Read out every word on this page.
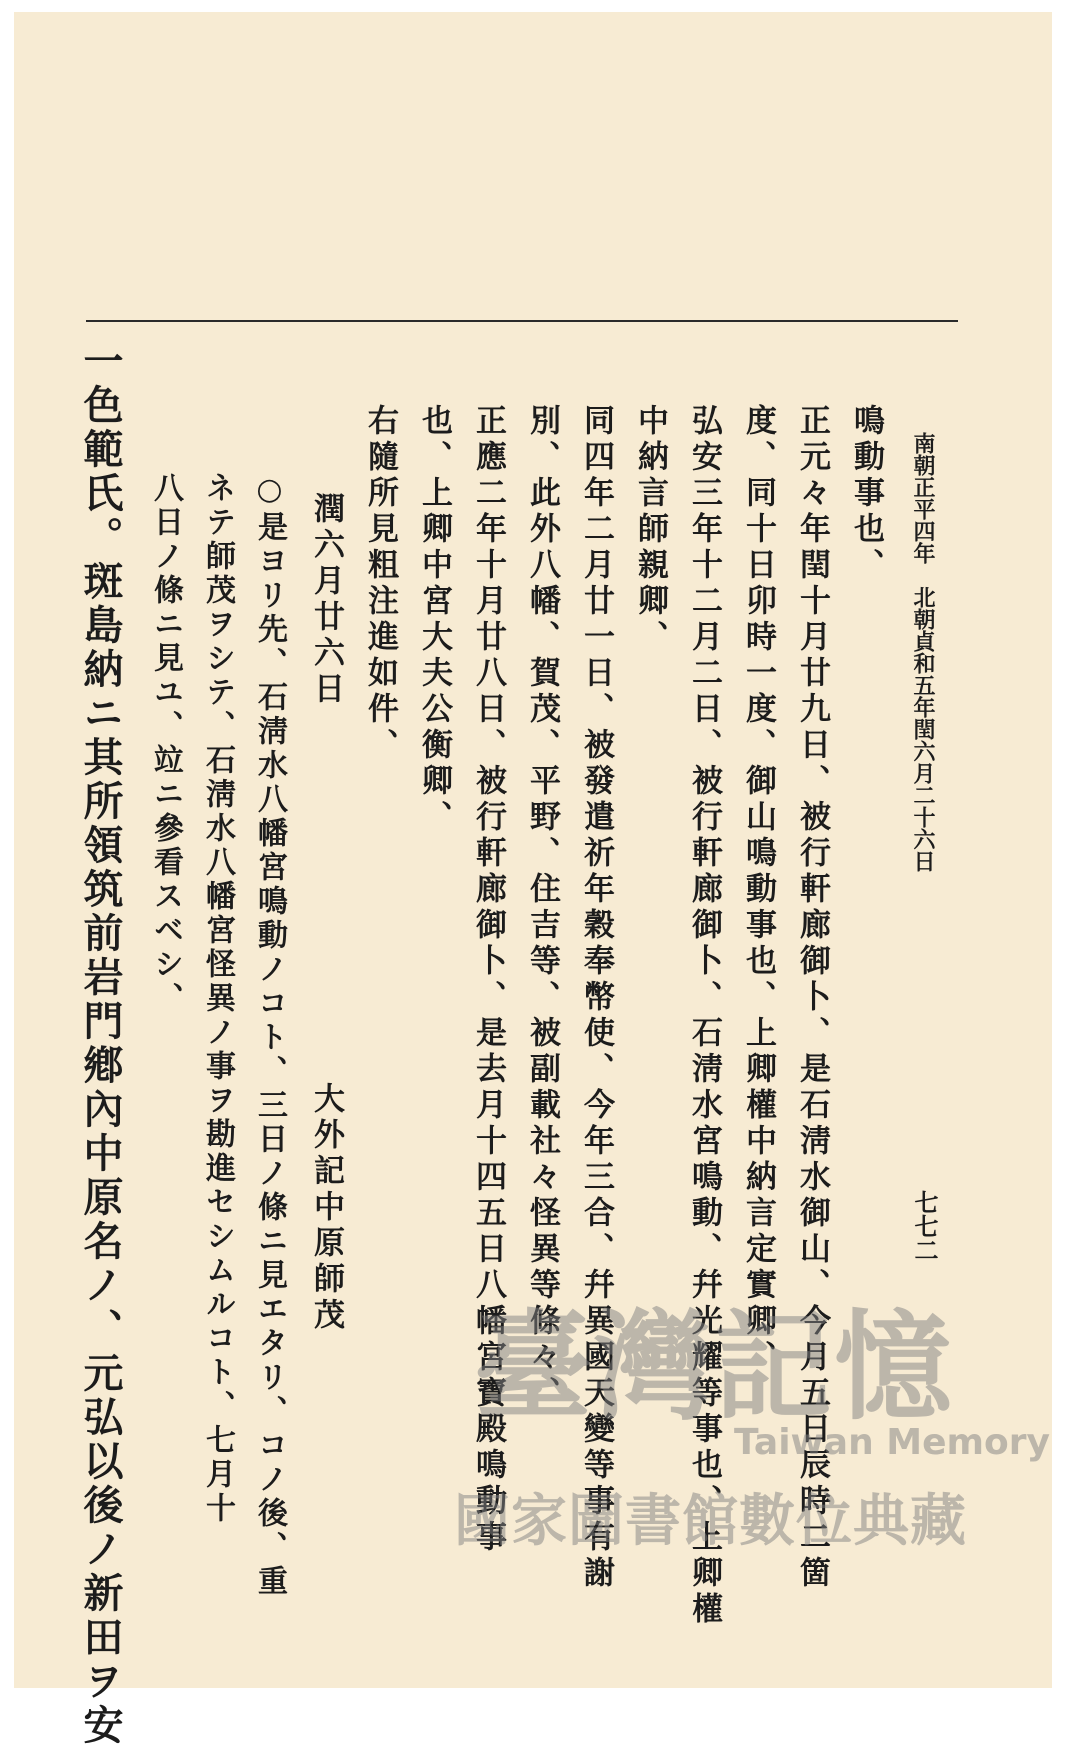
南朝正平四年　北朝貞和五年閏六月二十六日
七七二
鳴動事也、
正元々年閏十月廿九日、被行軒廊御卜、是石淸水御山、今月五日辰時二箇
度、同十日卯時一度、御山鳴動事也、上卿權中納言定實卿、
弘安三年十二月二日、被行軒廊御卜、石淸水宮鳴動、幷光耀等事也、上卿權
中納言師親卿、
同四年二月廿一日、被發遣祈年穀奉幣使、今年三合、幷異國天變等事有謝
別、此外八幡、賀茂、平野、住吉等、被副載社々怪異等條々、
正應二年十月廿八日、被行軒廊御卜、是去月十四五日八幡宮寶殿鳴動事
也、上卿中宮大夫公衡卿、
右隨所見粗注進如件、
潤六月廿六日
大外記中原師茂
○是ヨリ先、石淸水八幡宮鳴動ノコト、三日ノ條ニ見エタリ、コノ後、重
ネテ師茂ヲシテ、石淸水八幡宮怪異ノ事ヲ勘進セシムルコト、七月十
八日ノ條ニ見ユ、竝ニ參看スベシ、
一色範氏。斑島納ニ其所領筑前岩門鄕內中原名ノ、元弘以後ノ新田ヲ安	臺灣記憶
Taiwan Memory
國家圖書館數位典藏
